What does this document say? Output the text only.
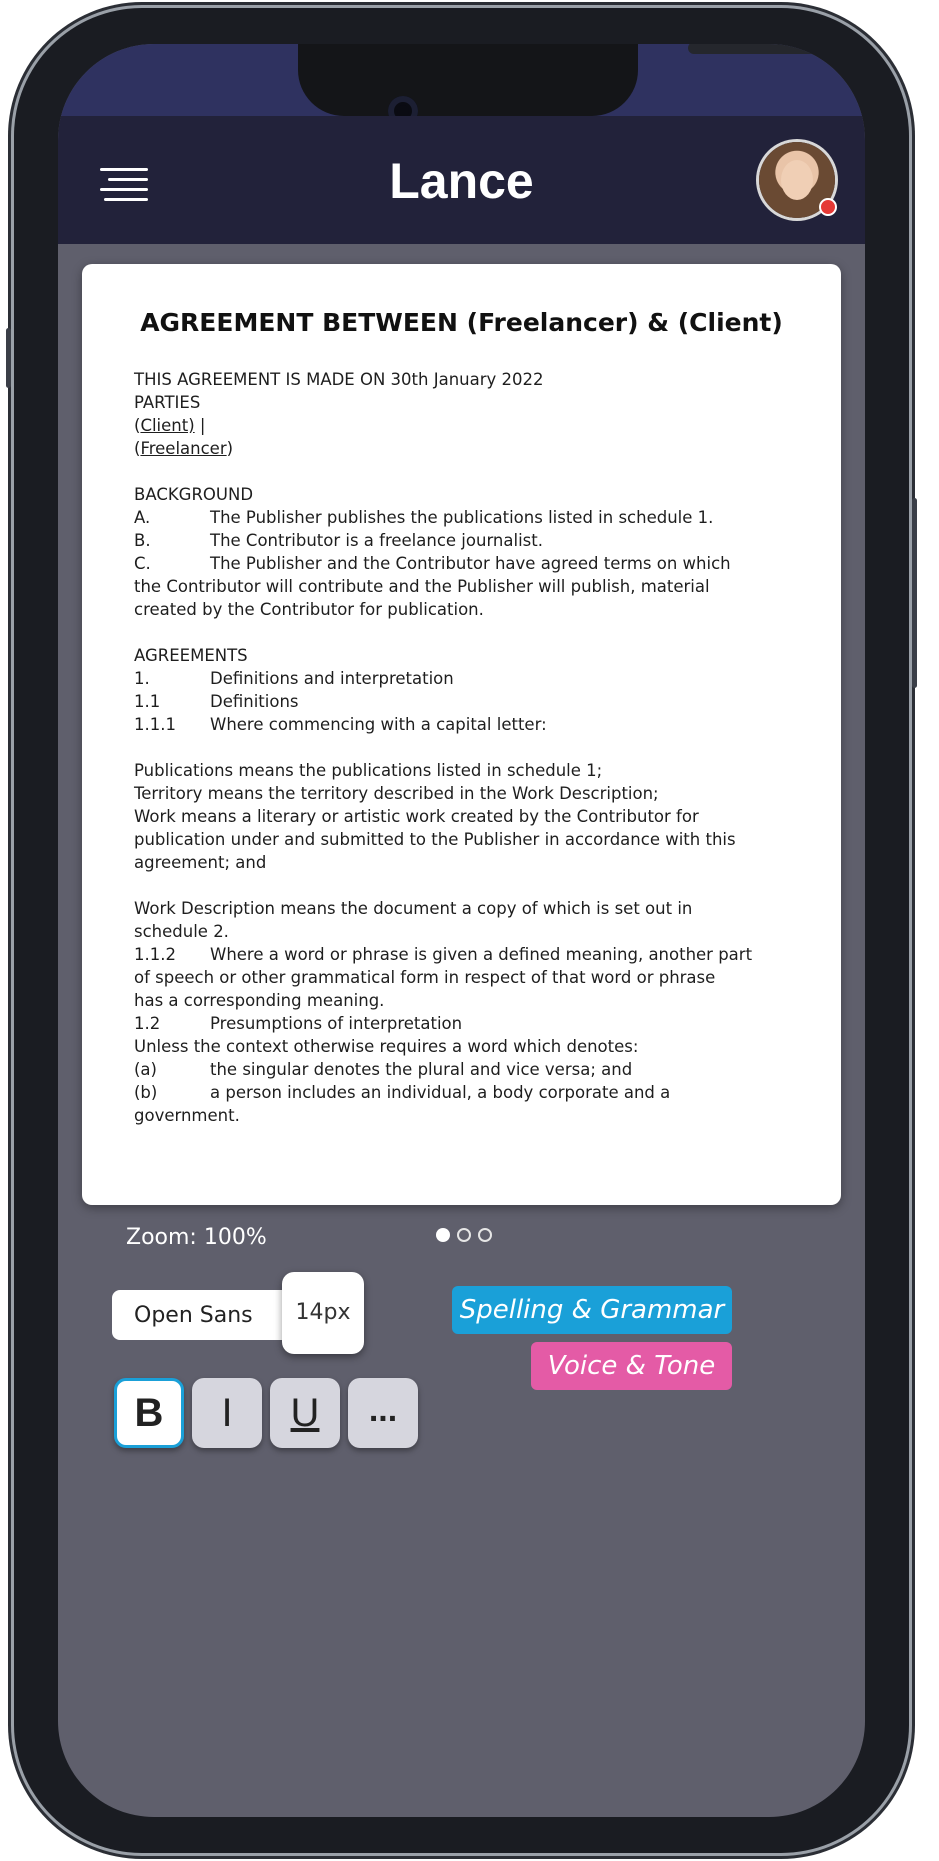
Lance
AGREEMENT BETWEEN (Freelancer) & (Client)
THIS AGREEMENT IS MADE ON 30th January 2022
PARTIES
(Client) |
(Freelancer)
BACKGROUND
A.	The Publisher publishes the publications listed in schedule 1.
B.	The Contributor is a freelance journalist.
C.	The Publisher and the Contributor have agreed terms on which
the Contributor will contribute and the Publisher will publish, material
created by the Contributor for publication.
AGREEMENTS
1.	Definitions and interpretation
1.1	Definitions
1.1.1 Where commencing with a capital letter:
Publications means the publications listed in schedule 1;
Territory means the territory described in the Work Description;
Work means a literary or artistic work created by the Contributor for
publication under and submitted to the Publisher in accordance with this
agreement; and
Work Description means the document a copy of which is set out in
schedule 2.
1.1.2 Where a word or phrase is given a defined meaning, another part
of speech or other grammatical form in respect of that word or phrase
has a corresponding meaning.
1.2	Presumptions of interpretation
Unless the context otherwise requires a word which denotes:
(a)	the singular denotes the plural and vice versa; and
(b)	a person includes an individual, a body corporate and a
government.
Zoom: 100%
Open Sans	14px	Spelling & Grammar
Voice & Tone
B	I	U	...
